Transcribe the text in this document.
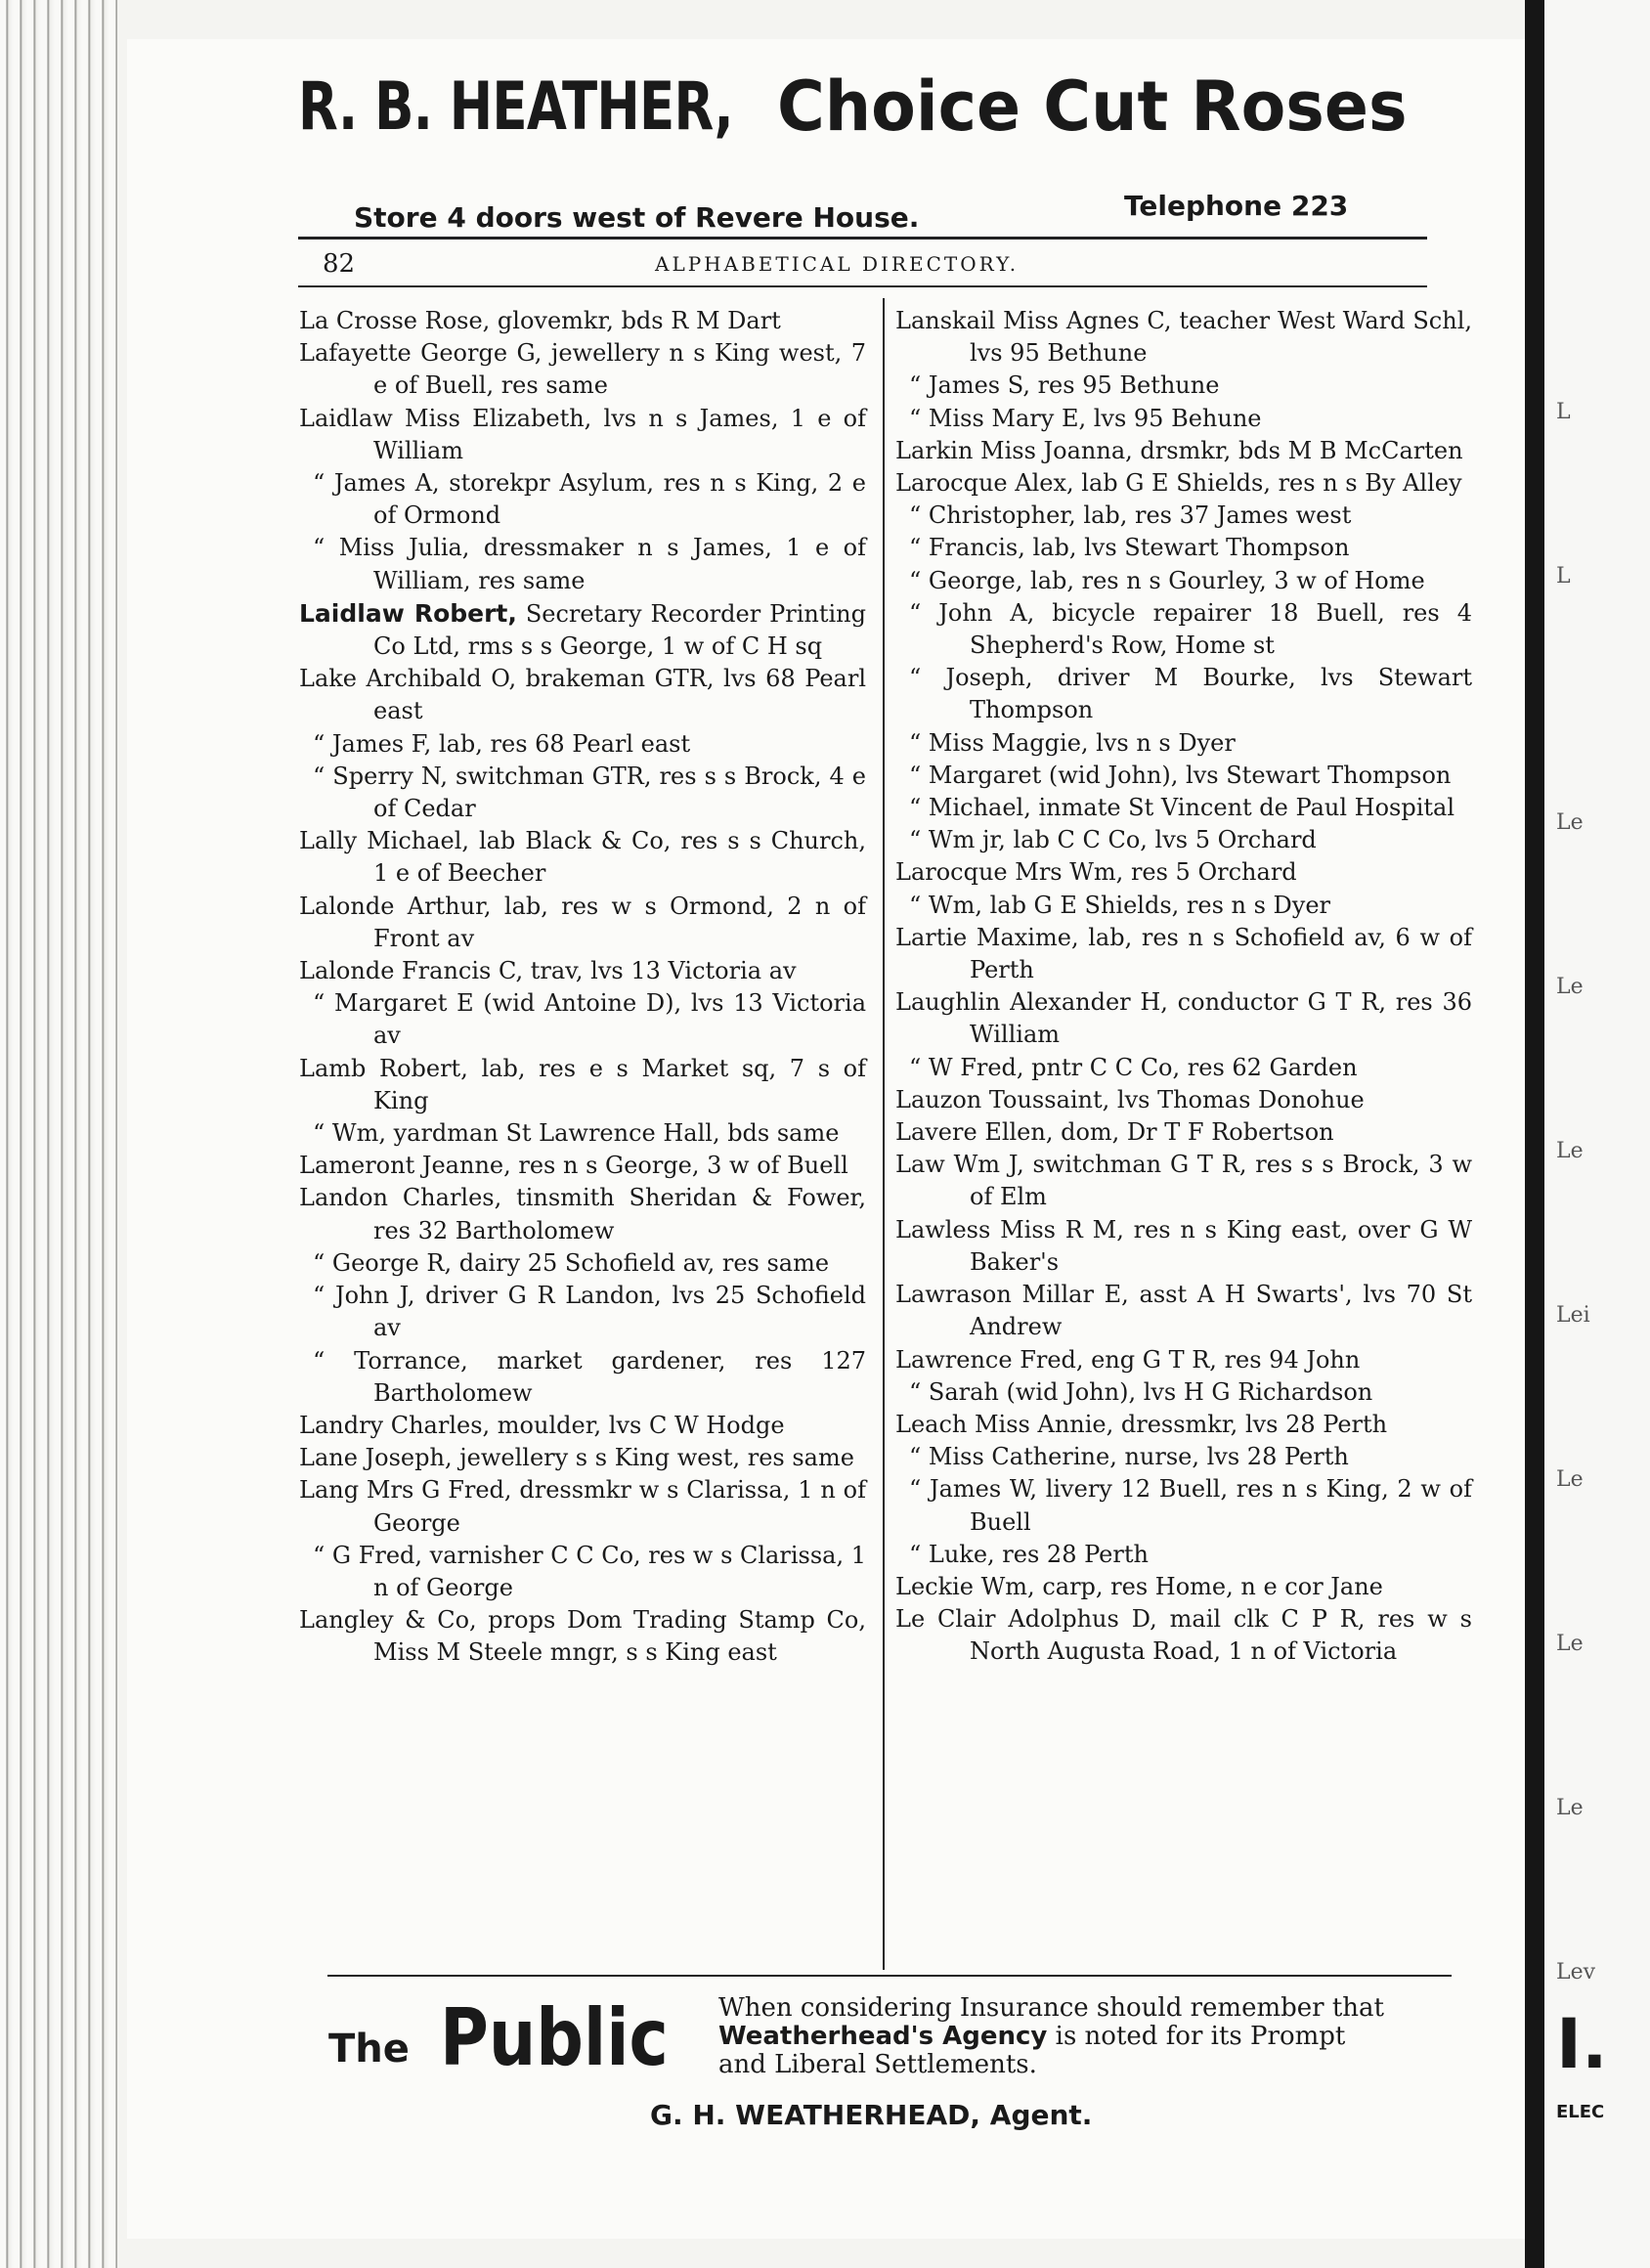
L

L

Le

Le

Le

Lei

Le

Le

Le

Lev
I.
ELEC
R. B. HEATHER, Choice Cut Roses
Store 4 doors west of Revere House.	Telephone 223
82	ALPHABETICAL DIRECTORY.
La Crosse Rose, glovemkr, bds R M Dart
Lafayette George G, jewellery n s King west, 7 e of Buell, res same
Laidlaw Miss Elizabeth, lvs n s James, 1 e of William
“ James A, storekpr Asylum, res n s King, 2 e of Ormond
“ Miss Julia, dressmaker n s James, 1 e of William, res same
Laidlaw Robert, Secretary Recorder Printing Co Ltd, rms s s George, 1 w of C H sq
Lake Archibald O, brakeman GTR, lvs 68 Pearl east
“ James F, lab, res 68 Pearl east
“ Sperry N, switchman GTR, res s s Brock, 4 e of Cedar
Lally Michael, lab Black & Co, res s s Church, 1 e of Beecher
Lalonde Arthur, lab, res w s Ormond, 2 n of Front av
Lalonde Francis C, trav, lvs 13 Victoria av
“ Margaret E (wid Antoine D), lvs 13 Victoria av
Lamb Robert, lab, res e s Market sq, 7 s of King
“ Wm, yardman St Lawrence Hall, bds same
Lameront Jeanne, res n s George, 3 w of Buell
Landon Charles, tinsmith Sheridan & Fower, res 32 Bartholomew
“ George R, dairy 25 Schofield av, res same
“ John J, driver G R Landon, lvs 25 Schofield av
“ Torrance, market gardener, res 127 Bartholomew
Landry Charles, moulder, lvs C W Hodge
Lane Joseph, jewellery s s King west, res same
Lang Mrs G Fred, dressmkr w s Clarissa, 1 n of George
“ G Fred, varnisher C C Co, res w s Clarissa, 1 n of George
Langley & Co, props Dom Trading Stamp Co, Miss M Steele mngr, s s King east
Lanskail Miss Agnes C, teacher West Ward Schl, lvs 95 Bethune
“ James S, res 95 Bethune
“ Miss Mary E, lvs 95 Behune
Larkin Miss Joanna, drsmkr, bds M B McCarten
Larocque Alex, lab G E Shields, res n s By Alley
“ Christopher, lab, res 37 James west
“ Francis, lab, lvs Stewart Thompson
“ George, lab, res n s Gourley, 3 w of Home
“ John A, bicycle repairer 18 Buell, res 4 Shepherd's Row, Home st
“ Joseph, driver M Bourke, lvs Stewart Thompson
“ Miss Maggie, lvs n s Dyer
“ Margaret (wid John), lvs Stewart Thompson
“ Michael, inmate St Vincent de Paul Hospital
“ Wm jr, lab C C Co, lvs 5 Orchard
Larocque Mrs Wm, res 5 Orchard
“ Wm, lab G E Shields, res n s Dyer
Lartie Maxime, lab, res n s Schofield av, 6 w of Perth
Laughlin Alexander H, conductor G T R, res 36 William
“ W Fred, pntr C C Co, res 62 Garden
Lauzon Toussaint, lvs Thomas Donohue
Lavere Ellen, dom, Dr T F Robertson
Law Wm J, switchman G T R, res s s Brock, 3 w of Elm
Lawless Miss R M, res n s King east, over G W Baker's
Lawrason Millar E, asst A H Swarts', lvs 70 St Andrew
Lawrence Fred, eng G T R, res 94 John
“ Sarah (wid John), lvs H G Richardson
Leach Miss Annie, dressmkr, lvs 28 Perth
“ Miss Catherine, nurse, lvs 28 Perth
“ James W, livery 12 Buell, res n s King, 2 w of Buell
“ Luke, res 28 Perth
Leckie Wm, carp, res Home, n e cor Jane
Le Clair Adolphus D, mail clk C P R, res w s North Augusta Road, 1 n of Victoria
The Public When considering Insurance should remember that
Weatherhead's Agency is noted for its Prompt
and Liberal Settlements.
G. H. WEATHERHEAD, Agent.
